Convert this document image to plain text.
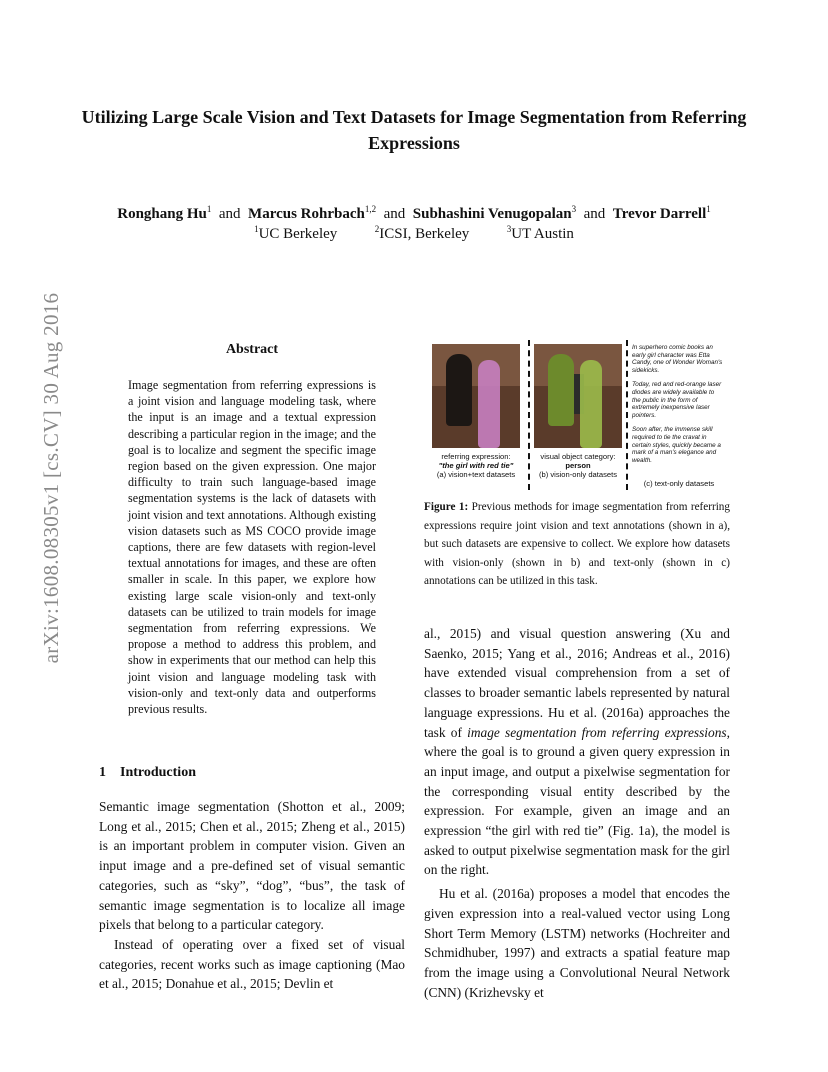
Utilizing Large Scale Vision and Text Datasets for Image Segmentation from Referring Expressions
Ronghang Hu$^1$ and Marcus Rohrbach$^{1,2}$ and Subhashini Venugopalan$^3$ and Trevor Darrell$^1$
$^1$UC Berkeley	$^2$ICSI, Berkeley	$^3$UT Austin
arXiv:1608.08305v1 [cs.CV] 30 Aug 2016	Abstract
Image segmentation from referring expressions is a joint vision and language modeling task, where the input is an image and a textual expression describing a particular region in the image; and the goal is to localize and segment the specific image region based on the given expression. One major difficulty to train such language-based image segmentation systems is the lack of datasets with joint vision and text annotations. Although existing vision datasets such as MS COCO provide image captions, there are few datasets with region-level textual annotations for images, and these are often smaller in scale. In this paper, we explore how existing large scale vision-only and text-only datasets can be utilized to train models for image segmentation from referring expressions. We propose a method to address this problem, and show in experiments that our method can help this joint vision and language modeling task with vision-only and text-only data and outperforms previous results.
referring expression:
"the girl with red tie"
(a) vision+text datasets
visual object category:
person
(b) vision-only datasets
In superhero comic books an early girl character was Etta Candy, one of Wonder Woman's sidekicks.
Today, red and red-orange laser diodes are widely available to the public in the form of extremely inexpensive laser pointers.
Soon after, the immense skill required to tie the cravat in certain styles, quickly became a mark of a man's elegance and wealth.
(c) text-only datasets
Figure 1: Previous methods for image segmentation from referring expressions require joint vision and text annotations (shown in a), but such datasets are expensive to collect. We explore how datasets with vision-only (shown in b) and text-only (shown in c) annotations can be utilized in this task.
1 Introduction

Semantic image segmentation (Shotton et al., 2009; Long et al., 2015; Chen et al., 2015; Zheng et al., 2015) is an important problem in computer vision. Given an input image and a pre-defined set of visual semantic categories, such as “sky”, “dog”, “bus”, the task of semantic image segmentation is to localize all image pixels that belong to a particular category.

Instead of operating over a fixed set of visual categories, recent works such as image captioning (Mao et al., 2015; Donahue et al., 2015; Devlin et

al., 2015) and visual question answering (Xu and Saenko, 2015; Yang et al., 2016; Andreas et al., 2016) have extended visual comprehension from a set of classes to broader semantic labels represented by natural language expressions. Hu et al. (2016a) approaches the task of image segmentation from referring expressions, where the goal is to ground a given query expression in an input image, and output a pixelwise segmentation for the corresponding visual entity described by the expression. For example, given an image and an expression “the girl with red tie” (Fig. 1a), the model is asked to output pixelwise segmentation mask for the girl on the right.

Hu et al. (2016a) proposes a model that encodes the given expression into a real-valued vector using Long Short Term Memory (LSTM) networks (Hochreiter and Schmidhuber, 1997) and extracts a spatial feature map from the image using a Convolutional Neural Network (CNN) (Krizhevsky et
